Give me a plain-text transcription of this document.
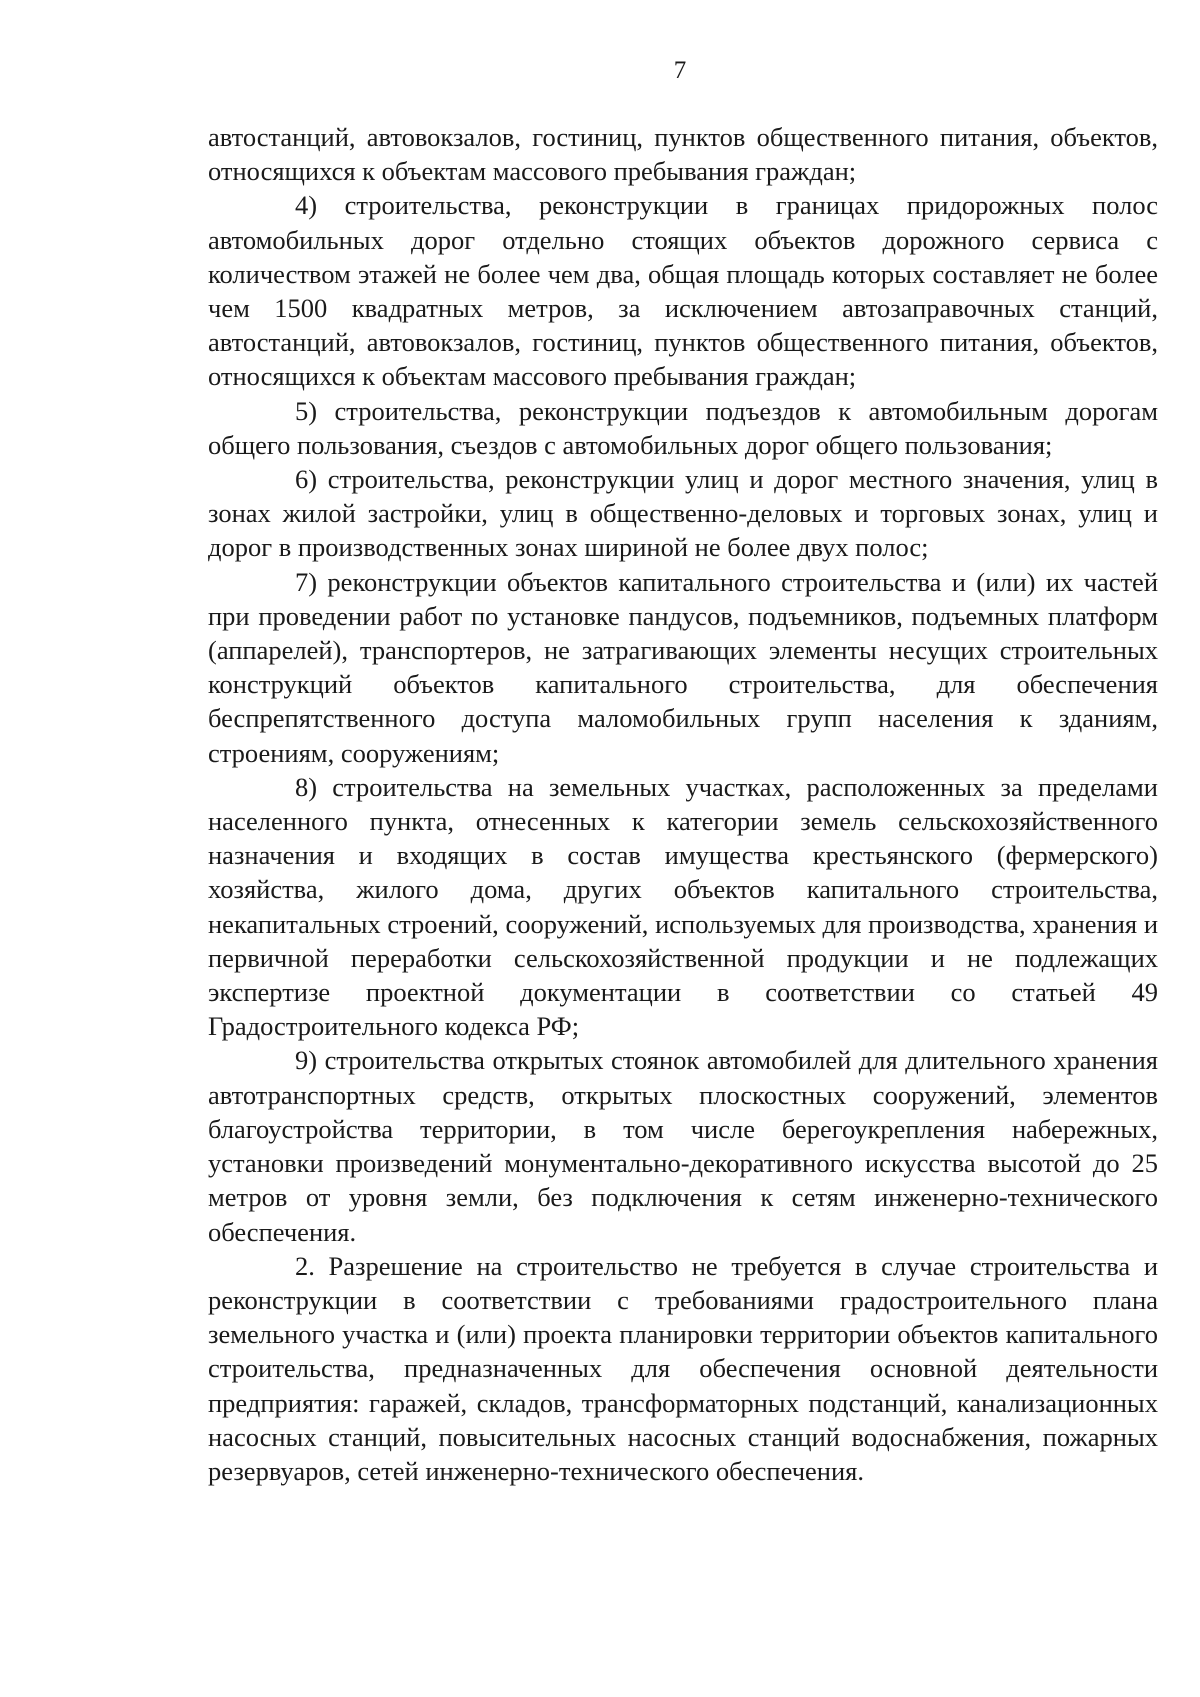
7

автостанций, автовокзалов, гостиниц, пунктов общественного питания, объектов, относящихся к объектам массового пребывания граждан;

4) строительства, реконструкции в границах придорожных полос автомобильных дорог отдельно стоящих объектов дорожного сервиса с количеством этажей не более чем два, общая площадь которых составляет не более чем 1500 квадратных метров, за исключением автозаправочных станций, автостанций, автовокзалов, гостиниц, пунктов общественного питания, объектов, относящихся к объектам массового пребывания граждан;

5) строительства, реконструкции подъездов к автомобильным дорогам общего пользования, съездов с автомобильных дорог общего пользования;

6) строительства, реконструкции улиц и дорог местного значения, улиц в зонах жилой застройки, улиц в общественно-деловых и торговых зонах, улиц и дорог в производственных зонах шириной не более двух полос;

7) реконструкции объектов капитального строительства и (или) их частей при проведении работ по установке пандусов, подъемников, подъемных платформ (аппарелей), транспортеров, не затрагивающих элементы несущих строительных конструкций объектов капитального строительства, для обеспечения беспрепятственного доступа маломобильных групп населения к зданиям, строениям, сооружениям;

8) строительства на земельных участках, расположенных за пределами населенного пункта, отнесенных к категории земель сельскохозяйственного назначения и входящих в состав имущества крестьянского (фермерского) хозяйства, жилого дома, других объектов капитального строительства, некапитальных строений, сооружений, используемых для производства, хранения и первичной переработки сельскохозяйственной продукции и не подлежащих экспертизе проектной документации в соответствии со статьей 49 Градостроительного кодекса РФ;

9) строительства открытых стоянок автомобилей для длительного хранения автотранспортных средств, открытых плоскостных сооружений, элементов благоустройства территории, в том числе берегоукрепления набережных, установки произведений монументально-декоративного искусства высотой до 25 метров от уровня земли, без подключения к сетям инженерно-технического обеспечения.

2. Разрешение на строительство не требуется в случае строительства и реконструкции в соответствии с требованиями градостроительного плана земельного участка и (или) проекта планировки территории объектов капитального строительства, предназначенных для обеспечения основной деятельности предприятия: гаражей, складов, трансформаторных подстанций, канализационных насосных станций, повысительных насосных станций водоснабжения, пожарных резервуаров, сетей инженерно-технического обеспечения.
